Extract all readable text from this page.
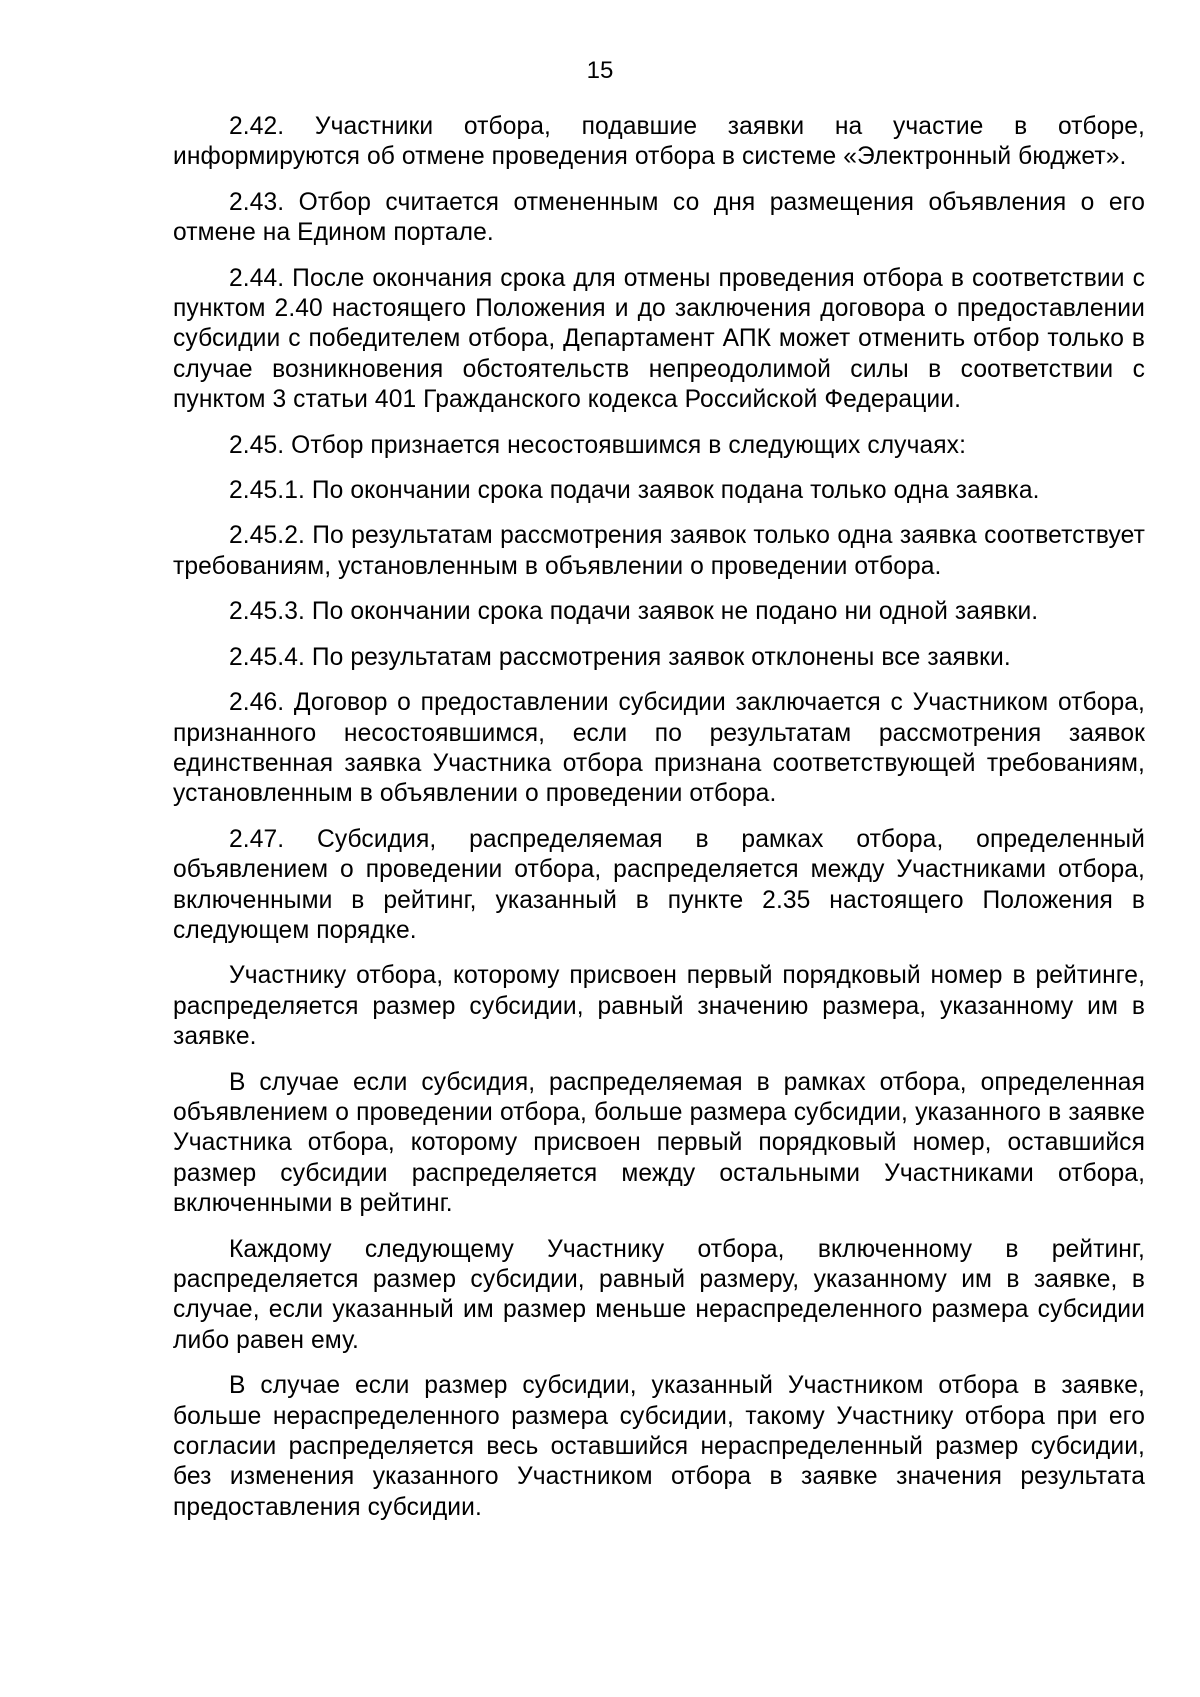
15

2.42. Участники отбора, подавшие заявки на участие в отборе, информируются об отмене проведения отбора в системе «Электронный бюджет».

2.43. Отбор считается отмененным со дня размещения объявления о его отмене на Едином портале.

2.44. После окончания срока для отмены проведения отбора в соответствии с пунктом 2.40 настоящего Положения и до заключения договора о предоставлении субсидии с победителем отбора, Департамент АПК может отменить отбор только в случае возникновения обстоятельств непреодолимой силы в соответствии с пунктом 3 статьи 401 Гражданского кодекса Российской Федерации.

2.45. Отбор признается несостоявшимся в следующих случаях:

2.45.1. По окончании срока подачи заявок подана только одна заявка.

2.45.2. По результатам рассмотрения заявок только одна заявка соответствует требованиям, установленным в объявлении о проведении отбора.

2.45.3. По окончании срока подачи заявок не подано ни одной заявки.

2.45.4. По результатам рассмотрения заявок отклонены все заявки.

2.46. Договор о предоставлении субсидии заключается с Участником отбора, признанного несостоявшимся, если по результатам рассмотрения заявок единственная заявка Участника отбора признана соответствующей требованиям, установленным в объявлении о проведении отбора.

2.47. Субсидия, распределяемая в рамках отбора, определенный объявлением о проведении отбора, распределяется между Участниками отбора, включенными в рейтинг, указанный в пункте 2.35 настоящего Положения в следующем порядке.

Участнику отбора, которому присвоен первый порядковый номер в рейтинге, распределяется размер субсидии, равный значению размера, указанному им в заявке.

В случае если субсидия, распределяемая в рамках отбора, определенная объявлением о проведении отбора, больше размера субсидии, указанного в заявке Участника отбора, которому присвоен первый порядковый номер, оставшийся размер субсидии распределяется между остальными Участниками отбора, включенными в рейтинг.

Каждому следующему Участнику отбора, включенному в рейтинг, распределяется размер субсидии, равный размеру, указанному им в заявке, в случае, если указанный им размер меньше нераспределенного размера субсидии либо равен ему.

В случае если размер субсидии, указанный Участником отбора в заявке, больше нераспределенного размера субсидии, такому Участнику отбора при его согласии распределяется весь оставшийся нераспределенный размер субсидии, без изменения указанного Участником отбора в заявке значения результата предоставления субсидии.
